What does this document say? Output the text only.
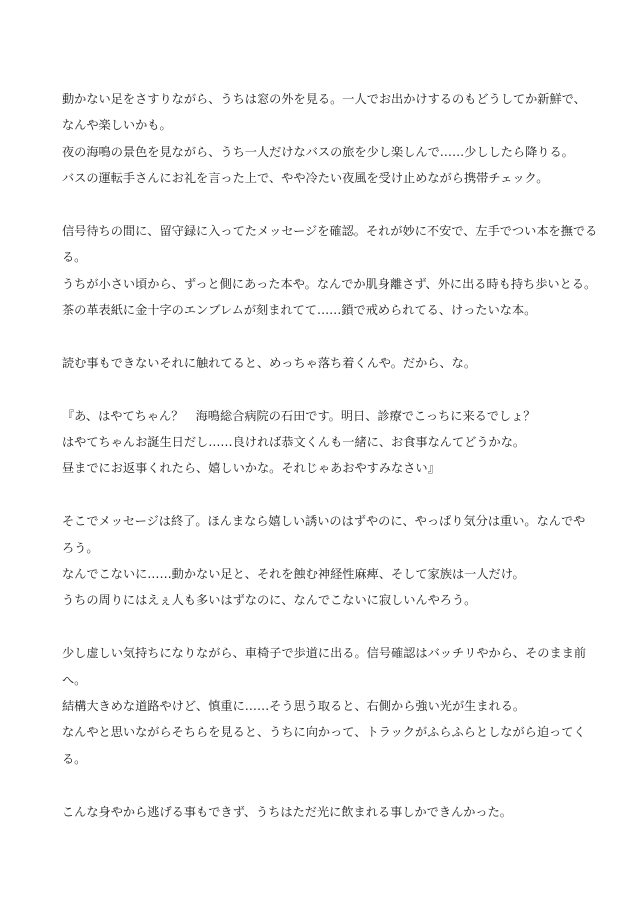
動かない足をさすりながら、うちは窓の外を見る。一人でお出かけするのもどうしてか新鮮で、
なんや楽しいかも。
夜の海鳴の景色を見ながら、うち一人だけなバスの旅を少し楽しんで……少ししたら降りる。
バスの運転手さんにお礼を言った上で、やや冷たい夜風を受け止めながら携帯チェック。
信号待ちの間に、留守録に入ってたメッセージを確認。それが妙に不安で、左手でつい本を撫でる
る。
うちが小さい頃から、ずっと側にあった本や。なんでか肌身離さず、外に出る時も持ち歩いとる。
茶の革表紙に金十字のエンブレムが刻まれてて……鎖で戒められてる、けったいな本。
読む事もできないそれに触れてると、めっちゃ落ち着くんや。だから、な。
『あ、はやてちゃん？　海鳴総合病院の石田です。明日、診療でこっちに来るでしょ？
はやてちゃんお誕生日だし……良ければ恭文くんも一緒に、お食事なんてどうかな。
昼までにお返事くれたら、嬉しいかな。それじゃあおやすみなさい』
そこでメッセージは終了。ほんまなら嬉しい誘いのはずやのに、やっぱり気分は重い。なんでや
ろう。
なんでこないに……動かない足と、それを蝕む神経性麻痺、そして家族は一人だけ。
うちの周りにはえぇ人も多いはずなのに、なんでこないに寂しいんやろう。
少し虚しい気持ちになりながら、車椅子で歩道に出る。信号確認はバッチリやから、そのまま前
へ。
結構大きめな道路やけど、慎重に……そう思う取ると、右側から強い光が生まれる。
なんやと思いながらそちらを見ると、うちに向かって、トラックがふらふらとしながら迫ってく
る。
こんな身やから逃げる事もできず、うちはただ光に飲まれる事しかできんかった。
